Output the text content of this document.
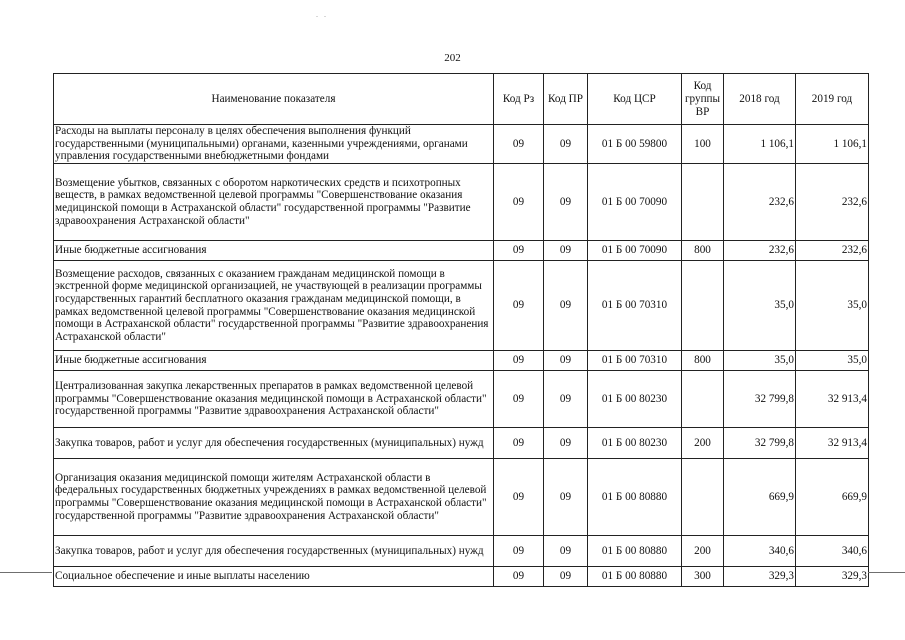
. .
202
Наименование показателя	Код Рз	Код ПР	Код ЦСР	Код группы ВР	2018 год	2019 год
Расходы на выплаты персоналу в целях обеспечения выполнения функций государственными (муниципальными) органами, казенными учреждениями, органами управления государственными внебюджетными фондами	09	09	01 Б 00 59800	100	1 106,1	1 106,1
Возмещение убытков, связанных с оборотом наркотических средств и психотропных веществ, в рамках ведомственной целевой программы "Совершенствование оказания медицинской помощи в Астраханской области" государственной программы "Развитие здравоохранения Астраханской области"	09	09	01 Б 00 70090		232,6	232,6
Иные бюджетные ассигнования	09	09	01 Б 00 70090	800	232,6	232,6
Возмещение расходов, связанных с оказанием гражданам медицинской помощи в экстренной форме медицинской организацией, не участвующей в реализации программы государственных гарантий бесплатного оказания гражданам медицинской помощи, в рамках ведомственной целевой программы "Совершенствование оказания медицинской помощи в Астраханской области" государственной программы "Развитие здравоохранения Астраханской области"	09	09	01 Б 00 70310		35,0	35,0
Иные бюджетные ассигнования	09	09	01 Б 00 70310	800	35,0	35,0
Централизованная закупка лекарственных препаратов в рамках ведомственной целевой программы "Совершенствование оказания медицинской помощи в Астраханской области" государственной программы "Развитие здравоохранения Астраханской области"	09	09	01 Б 00 80230		32 799,8	32 913,4
Закупка товаров, работ и услуг для обеспечения государственных (муниципальных) нужд	09	09	01 Б 00 80230	200	32 799,8	32 913,4
Организация оказания медицинской помощи жителям Астраханской области в федеральных государственных бюджетных учреждениях в рамках ведомственной целевой программы "Совершенствование оказания медицинской помощи в Астраханской области" государственной программы "Развитие здравоохранения Астраханской области"	09	09	01 Б 00 80880		669,9	669,9
Закупка товаров, работ и услуг для обеспечения государственных (муниципальных) нужд	09	09	01 Б 00 80880	200	340,6	340,6
Социальное обеспечение и иные выплаты населению	09	09	01 Б 00 80880	300	329,3	329,3
